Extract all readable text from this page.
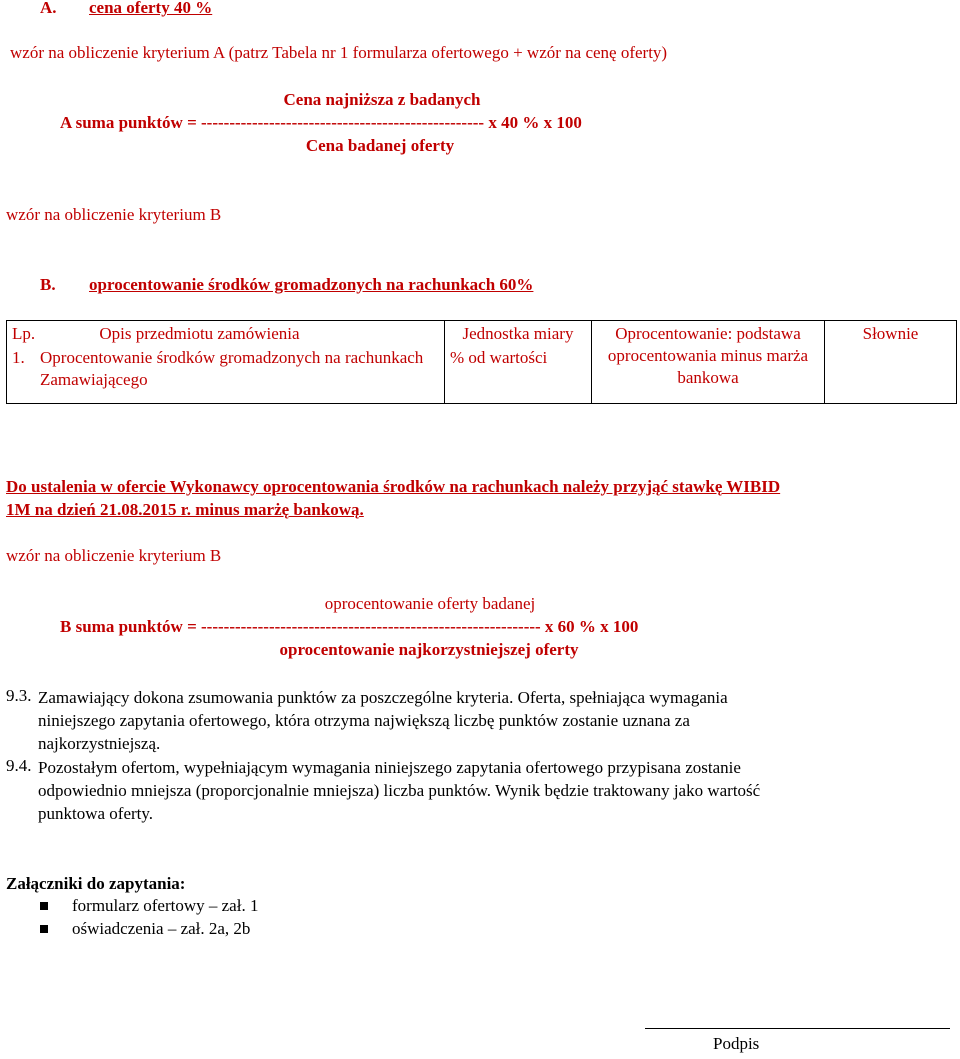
A. cena oferty 40 %
wzór na obliczenie kryterium A (patrz Tabela nr 1 formularza ofertowego + wzór na cenę oferty)
Cena najniższa z badanych
A suma punktów = -------------------------------------------------- x 40 % x 100
Cena badanej oferty
wzór na obliczenie kryterium B
B. oprocentowanie środków gromadzonych na rachunkach 60%
Lp. Opis przedmiotu zamówienia	Jednostka miary	Oprocentowanie: podstawa oprocentowania minus marża bankowa	Słownie

1. Oprocentowanie środków gromadzonych na rachunkach Zamawiającego	% od wartości		
Do ustalenia w ofercie Wykonawcy oprocentowania środków na rachunkach należy przyjąć stawkę WIBID
1M na dzień 21.08.2015 r. minus marżę bankową.
wzór na obliczenie kryterium B
oprocentowanie oferty badanej
B suma punktów = ------------------------------------------------------------ x 60 % x 100
oprocentowanie najkorzystniejszej oferty
9.3. Zamawiający dokona zsumowania punktów za poszczególne kryteria. Oferta, spełniająca wymagania
niniejszego zapytania ofertowego, która otrzyma największą liczbę punktów zostanie uznana za
najkorzystniejszą.
9.4. Pozostałym ofertom, wypełniającym wymagania niniejszego zapytania ofertowego przypisana zostanie
odpowiednio mniejsza (proporcjonalnie mniejsza) liczba punktów. Wynik będzie traktowany jako wartość
punktowa oferty.
Załączniki do zapytania:
formularz ofertowy – zał. 1
oświadczenia – zał. 2a, 2b
Podpis
